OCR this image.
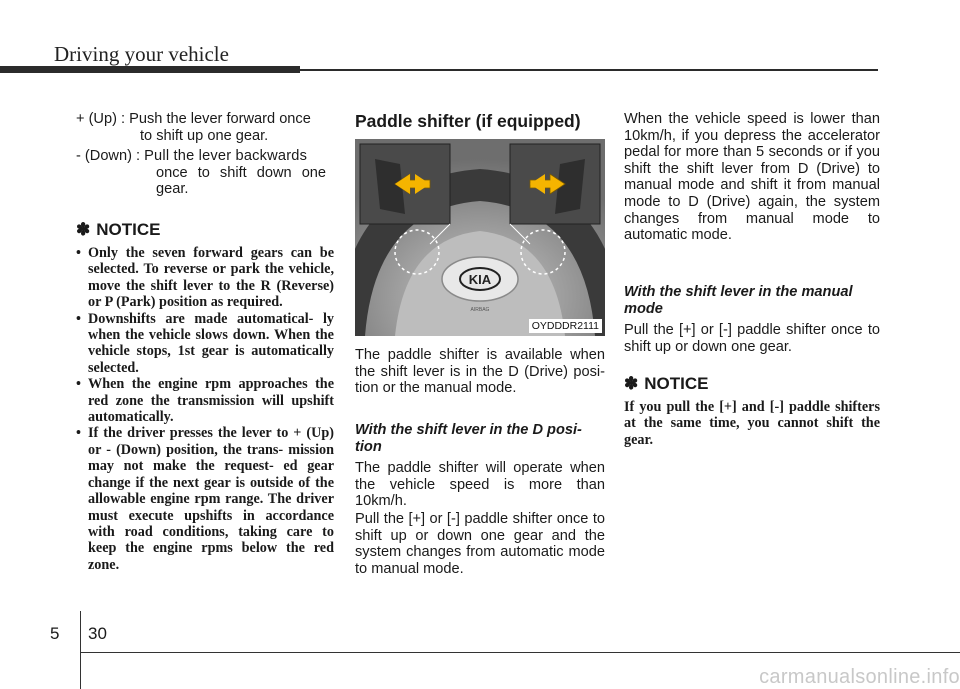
Driving your vehicle
+ (Up) : Push the lever forward once
to shift up one gear.
- (Down) : Pull the lever backwards
once to shift down one
gear.
✽ NOTICE
• Only the seven forward gears can be selected. To reverse or park the vehicle, move the shift lever to the R (Reverse) or P (Park) position as required.
• Downshifts are made automatical- ly when the vehicle slows down. When the vehicle stops, 1st gear is automatically selected.
• When the engine rpm approaches the red zone the transmission will upshift automatically.
• If the driver presses the lever to + (Up) or - (Down) position, the trans- mission may not make the request- ed gear change if the next gear is outside of the allowable engine rpm range. The driver must execute upshifts in accordance with road conditions, taking care to keep the engine rpms below the red zone.
Paddle shifter (if equipped)
KIA
AIRBAG
OYDDDR2111

The paddle shifter is available when the shift lever is in the D (Drive) posi- tion or the manual mode.

With the shift lever in the D posi- tion

The paddle shifter will operate when the vehicle speed is more than 10km/h.

Pull the [+] or [-] paddle shifter once to shift up or down one gear and the system changes from automatic mode to manual mode.

When the vehicle speed is lower than 10km/h, if you depress the accelerator pedal for more than 5 seconds or if you shift the shift lever from D (Drive) to manual mode and shift it from manual mode to D (Drive) again, the system changes from manual mode to automatic mode.

With the shift lever in the manual mode

Pull the [+] or [-] paddle shifter once to shift up or down one gear.

✽ NOTICE

If you pull the [+] and [-] paddle shifters at the same time, you cannot shift the gear.

5 30
carmanualsonline.info
